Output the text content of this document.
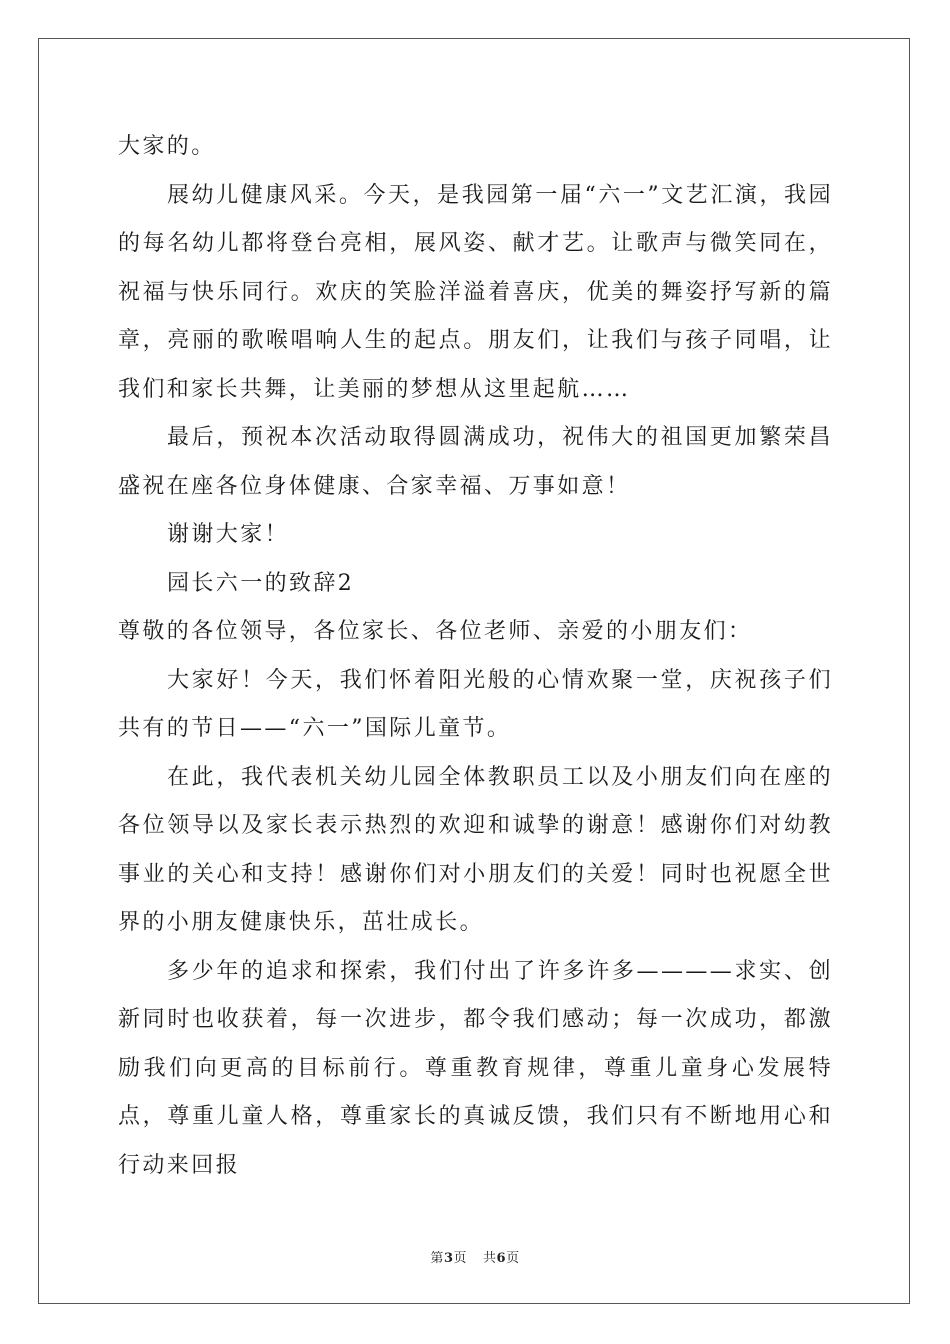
大家的。

展幼儿健康风采。今天，是我园第一届“六一”文艺汇演，我园的每名幼儿都将登台亮相，展风姿、献才艺。让歌声与微笑同在，祝福与快乐同行。欢庆的笑脸洋溢着喜庆，优美的舞姿抒写新的篇章，亮丽的歌喉唱响人生的起点。朋友们，让我们与孩子同唱，让我们和家长共舞，让美丽的梦想从这里起航……

最后，预祝本次活动取得圆满成功，祝伟大的祖国更加繁荣昌盛祝在座各位身体健康、合家幸福、万事如意！

谢谢大家！

园长六一的致辞2

尊敬的各位领导，各位家长、各位老师、亲爱的小朋友们：

大家好！今天，我们怀着阳光般的心情欢聚一堂，庆祝孩子们共有的节日——“六一”国际儿童节。

在此，我代表机关幼儿园全体教职员工以及小朋友们向在座的各位领导以及家长表示热烈的欢迎和诚挚的谢意！感谢你们对幼教事业的关心和支持！感谢你们对小朋友们的关爱！同时也祝愿全世界的小朋友健康快乐，茁壮成长。

多少年的追求和探索，我们付出了许多许多————求实、创新同时也收获着，每一次进步，都令我们感动；每一次成功，都激励我们向更高的目标前行。尊重教育规律，尊重儿童身心发展特点，尊重儿童人格，尊重家长的真诚反馈，我们只有不断地用心和行动来回报

第3页 共6页
